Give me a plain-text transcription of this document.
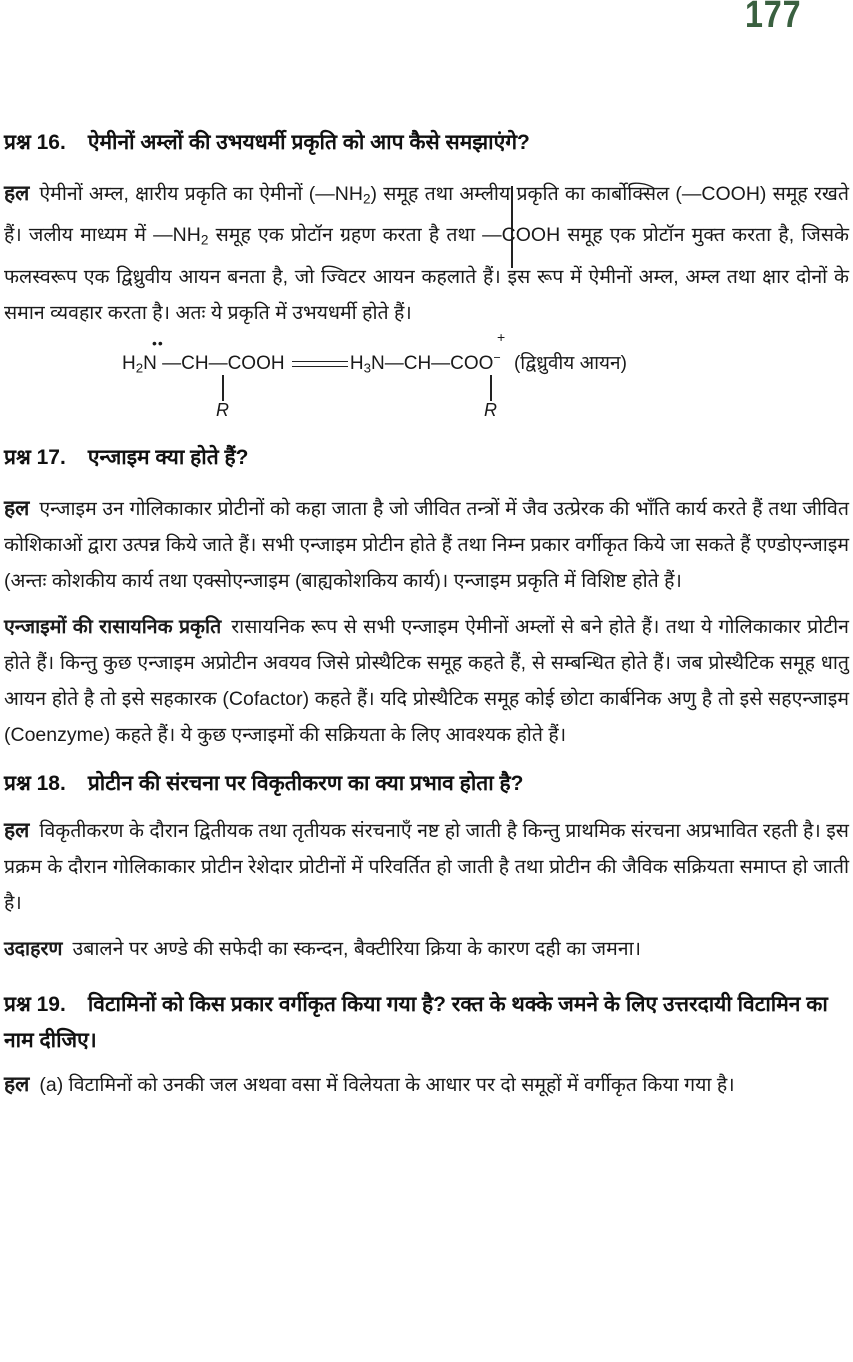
177
प्रश्न 16. ऐमीनों अम्लों की उभयधर्मी प्रकृति को आप कैसे समझाएंगे?

हल ऐमीनों अम्ल, क्षारीय प्रकृति का ऐमीनों $(—NH_2)$ समूह तथा अम्लीय प्रकृति का कार्बोक्सिल (—COOH) समूह रखते हैं। जलीय माध्यम में $—NH_2$ समूह एक प्रोटॉन ग्रहण करता है तथा —COOH समूह एक प्रोटॉन मुक्त करता है, जिसके फलस्वरूप एक द्विध्रुवीय आयन बनता है, जो ज्विटर आयन कहलाते हैं। इस रूप में ऐमीनों अम्ल, अम्ल तथा क्षार दोनों के समान व्यवहार करता है। अतः ये प्रकृति में उभयधर्मी होते हैं।

••	+
$H_2N$ —CH—COOH	$H_3N—CH—COO^-$ (द्विध्रुवीय आयन)
R	R
प्रश्न 17. एन्जाइम क्या होते हैं?

हल एन्जाइम उन गोलिकाकार प्रोटीनों को कहा जाता है जो जीवित तन्त्रों में जैव उत्प्रेरक की भाँति कार्य करते हैं तथा जीवित कोशिकाओं द्वारा उत्पन्न किये जाते हैं। सभी एन्जाइम प्रोटीन होते हैं तथा निम्न प्रकार वर्गीकृत किये जा सकते हैं एण्डोएन्जाइम (अन्तः कोशकीय कार्य तथा एक्सोएन्जाइम (बाह्यकोशकिय कार्य)। एन्जाइम प्रकृति में विशिष्ट होते हैं।

एन्जाइमों की रासायनिक प्रकृति रासायनिक रूप से सभी एन्जाइम ऐमीनों अम्लों से बने होते हैं। तथा ये गोलिकाकार प्रोटीन होते हैं। किन्तु कुछ एन्जाइम अप्रोटीन अवयव जिसे प्रोस्थैटिक समूह कहते हैं, से सम्बन्धित होते हैं। जब प्रोस्थैटिक समूह धातु आयन होते है तो इसे सहकारक (Cofactor) कहते हैं। यदि प्रोस्थैटिक समूह कोई छोटा कार्बनिक अणु है तो इसे सहएन्जाइम (Coenzyme) कहते हैं। ये कुछ एन्जाइमों की सक्रियता के लिए आवश्यक होते हैं।

प्रश्न 18. प्रोटीन की संरचना पर विकृतीकरण का क्या प्रभाव होता है?

हल विकृतीकरण के दौरान द्वितीयक तथा तृतीयक संरचनाएँ नष्ट हो जाती है किन्तु प्राथमिक संरचना अप्रभावित रहती है। इस प्रक्रम के दौरान गोलिकाकार प्रोटीन रेशेदार प्रोटीनों में परिवर्तित हो जाती है तथा प्रोटीन की जैविक सक्रियता समाप्त हो जाती है।

उदाहरण उबालने पर अण्डे की सफेदी का स्कन्दन, बैक्टीरिया क्रिया के कारण दही का जमना।

प्रश्न 19. विटामिनों को किस प्रकार वर्गीकृत किया गया है? रक्त के थक्के जमने के लिए उत्तरदायी विटामिन का नाम दीजिए।

हल (a) विटामिनों को उनकी जल अथवा वसा में विलेयता के आधार पर दो समूहों में वर्गीकृत किया गया है।
